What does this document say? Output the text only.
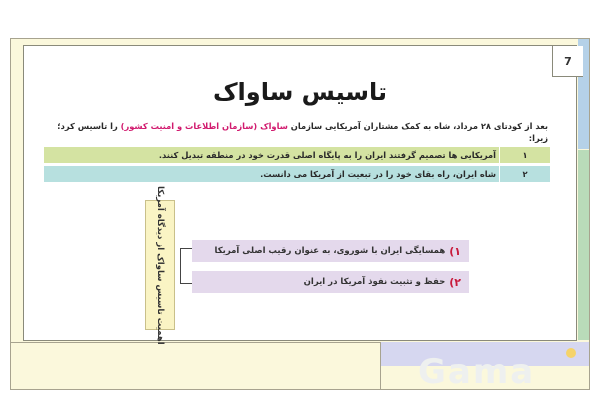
7
تاسیس ساواک
بعد از کودتای ۲۸ مرداد، شاه به کمک مشتاران آمریکایی سازمان ساواک (سازمان اطلاعات و امنیت کشور) را تاسیس کرد؛ زیرا:
۱
آمریکایی ها تصمیم گرفتند ایران را به پایگاه اصلی قدرت خود در منطقه تبدیل کنند.
۲
شاه ایران، راه بقای خود را در تبعیت از آمریکا می دانست.
اهمیت تاسیس ساواک از دیدگاه آمریکا	۱)
همسایگی ایران با شوروی، به عنوان رقیب اصلی آمریکا
۲)
حفظ و تثبیت نفوذ آمریکا در ایران
Gama
